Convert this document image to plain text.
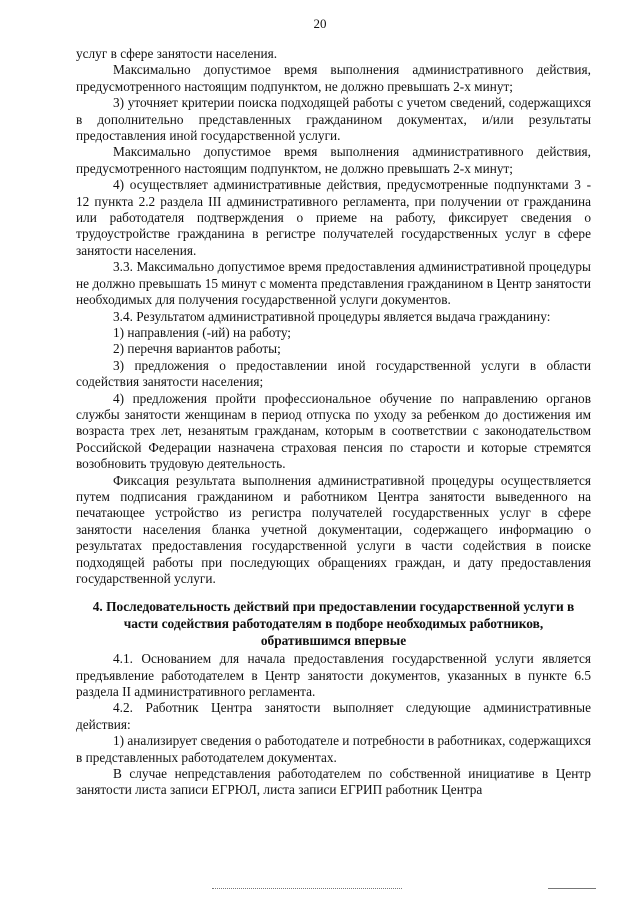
20

услуг в сфере занятости населения.

Максимально допустимое время выполнения административного действия, предусмотренного настоящим подпунктом, не должно превышать 2-х минут;

3) уточняет критерии поиска подходящей работы с учетом сведений, содержащихся в дополнительно представленных гражданином документах, и/или результаты предоставления иной государственной услуги.

Максимально допустимое время выполнения административного действия, предусмотренного настоящим подпунктом, не должно превышать 2-х минут;

4) осуществляет административные действия, предусмотренные подпунктами 3 - 12 пункта 2.2 раздела III административного регламента, при получении от гражданина или работодателя подтверждения о приеме на работу, фиксирует сведения о трудоустройстве гражданина в регистре получателей государственных услуг в сфере занятости населения.

3.3. Максимально допустимое время предоставления административной процедуры не должно превышать 15 минут с момента представления гражданином в Центр занятости необходимых для получения государственной услуги документов.

3.4. Результатом административной процедуры является выдача гражданину:

1) направления (-ий) на работу;

2) перечня вариантов работы;

3) предложения о предоставлении иной государственной услуги в области содействия занятости населения;

4) предложения пройти профессиональное обучение по направлению органов службы занятости женщинам в период отпуска по уходу за ребенком до достижения им возраста трех лет, незанятым гражданам, которым в соответствии с законодательством Российской Федерации назначена страховая пенсия по старости и которые стремятся возобновить трудовую деятельность.

Фиксация результата выполнения административной процедуры осуществляется путем подписания гражданином и работником Центра занятости выведенного на печатающее устройство из регистра получателей государственных услуг в сфере занятости населения бланка учетной документации, содержащего информацию о результатах предоставления государственной услуги в части содействия в поиске подходящей работы при последующих обращениях граждан, и дату предоставления государственной услуги.

4. Последовательность действий при предоставлении государственной услуги в части содействия работодателям в подборе необходимых работников, обратившимся впервые

4.1. Основанием для начала предоставления государственной услуги является предъявление работодателем в Центр занятости документов, указанных в пункте 6.5 раздела II административного регламента.

4.2. Работник Центра занятости выполняет следующие административные действия:

1) анализирует сведения о работодателе и потребности в работниках, содержащихся в представленных работодателем документах.

В случае непредставления работодателем по собственной инициативе в Центр занятости листа записи ЕГРЮЛ, листа записи ЕГРИП работник Центра
